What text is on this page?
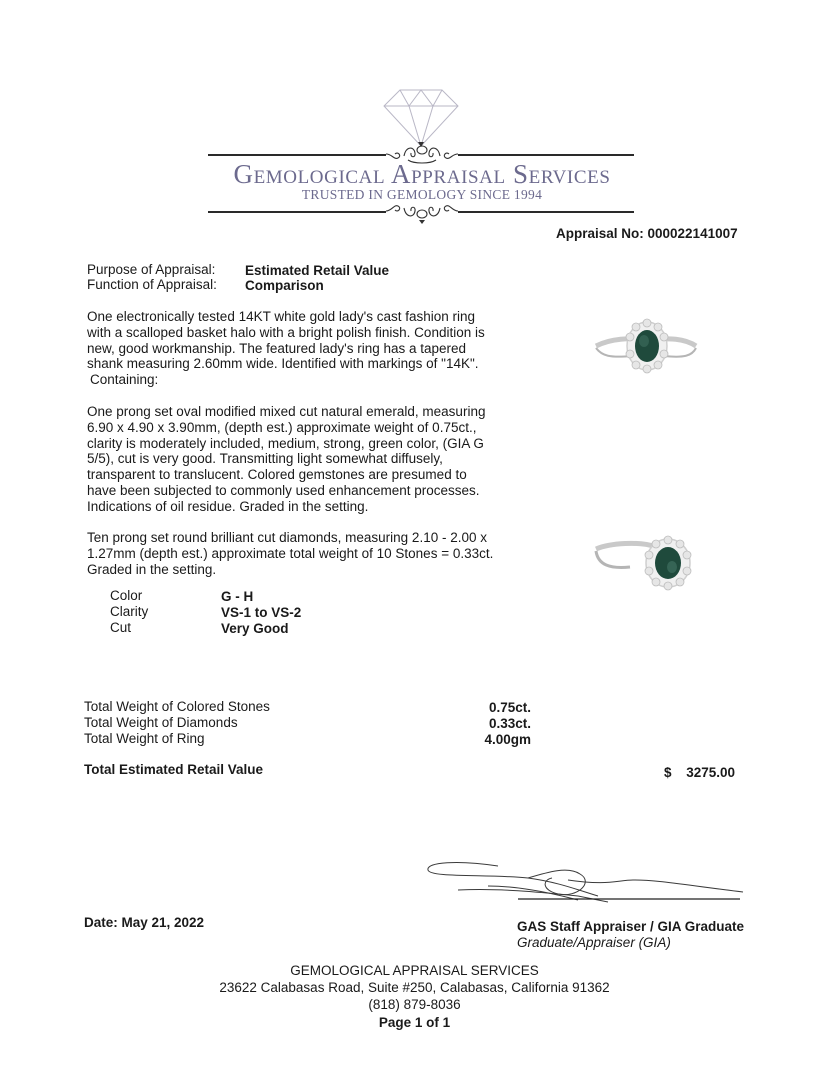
Gemological Appraisal Services
TRUSTED IN GEMOLOGY SINCE 1994
Appraisal No: 000022141007
Purpose of Appraisal: Estimated Retail Value
Function of Appraisal: Comparison
One electronically tested 14KT white gold lady's cast fashion ring with a scalloped basket halo with a bright polish finish. Condition is new, good workmanship. The featured lady's ring has a tapered shank measuring 2.60mm wide. Identified with markings of "14K".
Containing:
One prong set oval modified mixed cut natural emerald, measuring 6.90 x 4.90 x 3.90mm, (depth est.) approximate weight of 0.75ct., clarity is moderately included, medium, strong, green color, (GIA G 5/5), cut is very good. Transmitting light somewhat diffusely, transparent to translucent. Colored gemstones are presumed to have been subjected to commonly used enhancement processes. Indications of oil residue. Graded in the setting.
Ten prong set round brilliant cut diamonds, measuring 2.10 - 2.00 x 1.27mm (depth est.) approximate total weight of 10 Stones = 0.33ct. Graded in the setting.
Color	G - H
Clarity	VS-1 to VS-2
Cut	Very Good
Total Weight of Colored Stones	0.75ct.
Total Weight of Diamonds	0.33ct.
Total Weight of Ring	4.00gm
Total Estimated Retail Value	$	3275.00
GAS Staff Appraiser / GIA Graduate
Graduate/Appraiser (GIA)
Date: May 21, 2022
GEMOLOGICAL APPRAISAL SERVICES
23622 Calabasas Road, Suite #250, Calabasas, California 91362
(818) 879-8036
Page 1 of 1
